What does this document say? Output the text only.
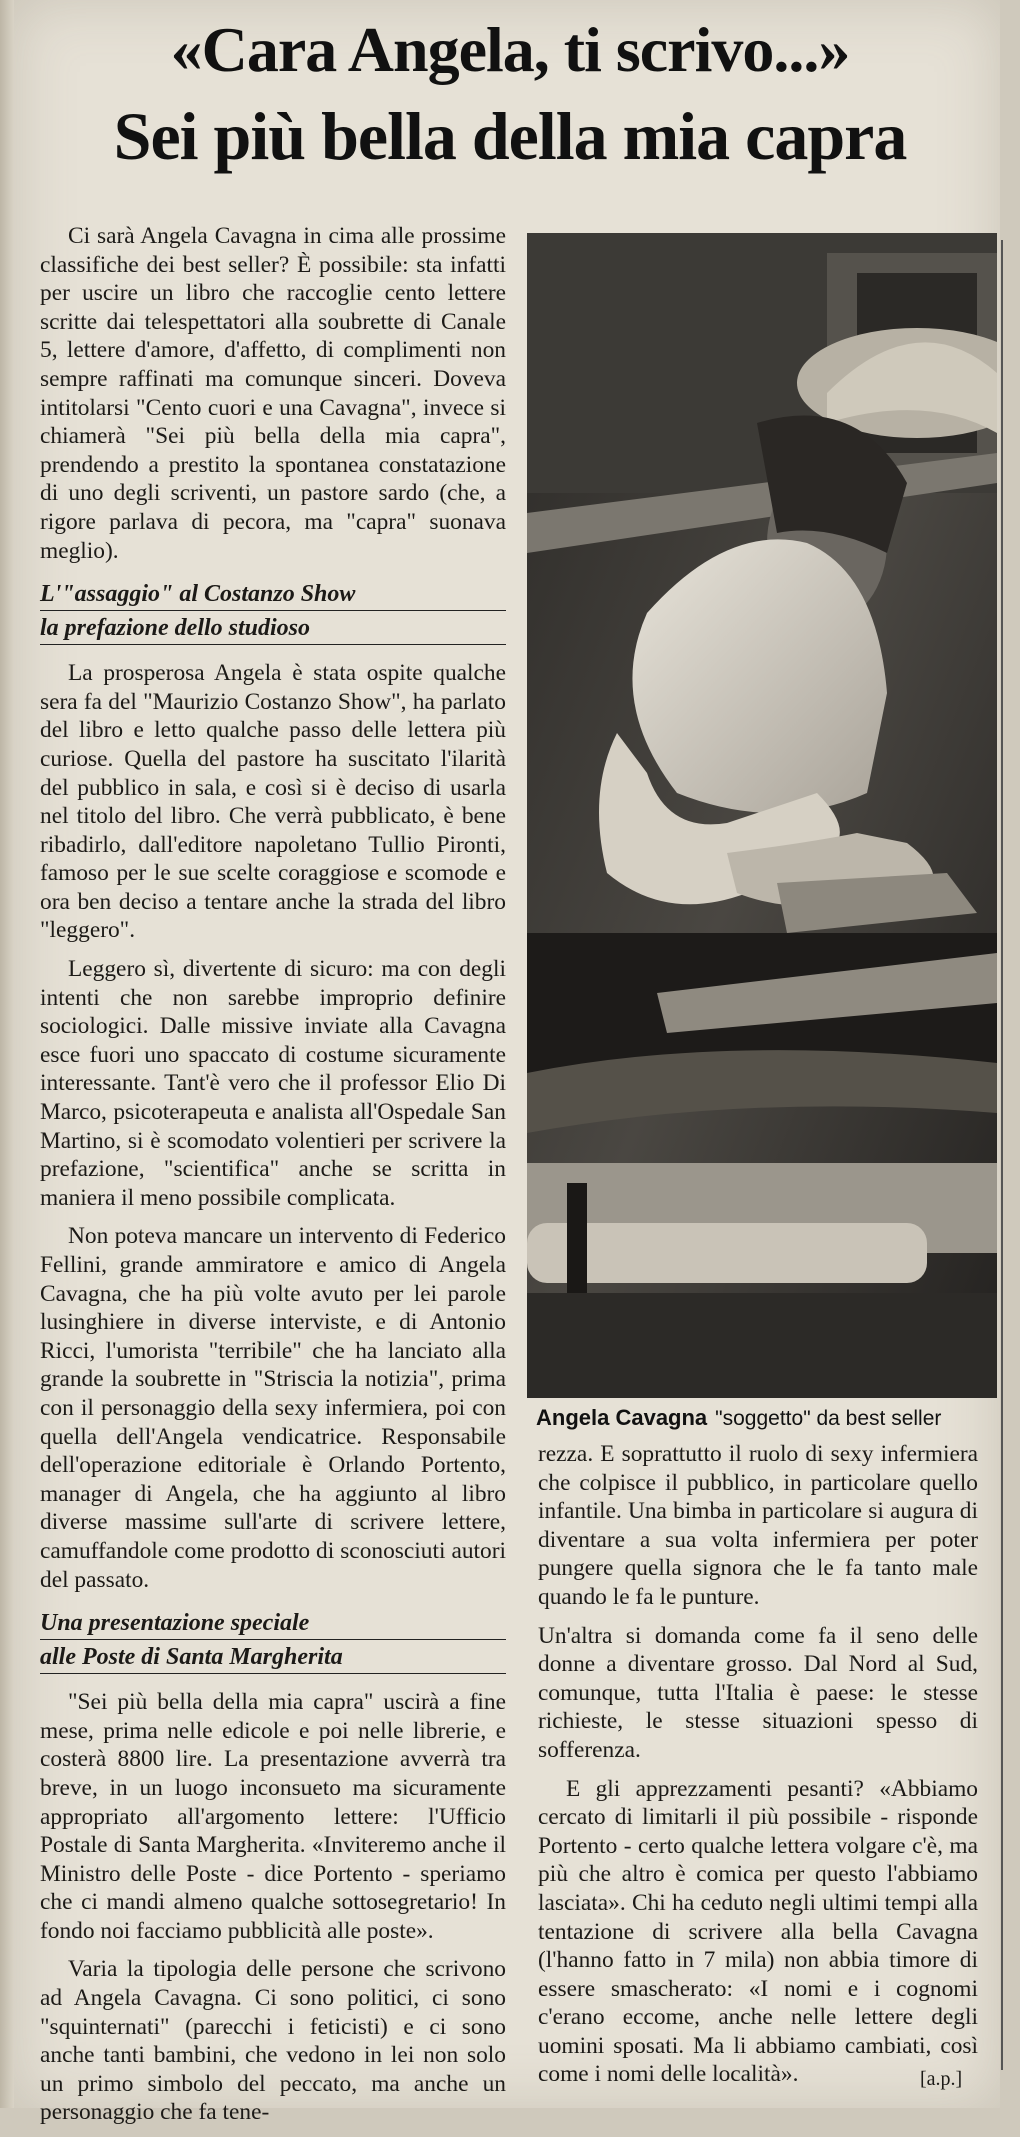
«Cara Angela, ti scrivo...»
Sei più bella della mia capra

Ci sarà Angela Cavagna in cima alle prossime classifiche dei best seller? È possibile: sta infatti per uscire un libro che raccoglie cento lettere scritte dai telespettatori alla soubrette di Canale 5, lettere d'amore, d'affetto, di complimenti non sempre raffinati ma comunque sinceri. Doveva intitolarsi "Cento cuori e una Cavagna", invece si chiamerà "Sei più bella della mia capra", prendendo a prestito la spontanea constatazione di uno degli scriventi, un pastore sardo (che, a rigore parlava di pecora, ma "capra" suonava meglio).

L'"assaggio" al Costanzo Show
la prefazione dello studioso

La prosperosa Angela è stata ospite qualche sera fa del "Maurizio Costanzo Show", ha parlato del libro e letto qualche passo delle lettera più curiose. Quella del pastore ha suscitato l'ilarità del pubblico in sala, e così si è deciso di usarla nel titolo del libro. Che verrà pubblicato, è bene ribadirlo, dall'editore napoletano Tullio Pironti, famoso per le sue scelte coraggiose e scomode e ora ben deciso a tentare anche la strada del libro "leggero".

Leggero sì, divertente di sicuro: ma con degli intenti che non sarebbe improprio definire sociologici. Dalle missive inviate alla Cavagna esce fuori uno spaccato di costume sicuramente interessante. Tant'è vero che il professor Elio Di Marco, psicoterapeuta e analista all'Ospedale San Martino, si è scomodato volentieri per scrivere la prefazione, "scientifica" anche se scritta in maniera il meno possibile complicata.

Non poteva mancare un intervento di Federico Fellini, grande ammiratore e amico di Angela Cavagna, che ha più volte avuto per lei parole lusinghiere in diverse interviste, e di Antonio Ricci, l'umorista "terribile" che ha lanciato alla grande la soubrette in "Striscia la notizia", prima con il personaggio della sexy infermiera, poi con quella dell'Angela vendicatrice. Responsabile dell'operazione editoriale è Orlando Portento, manager di Angela, che ha aggiunto al libro diverse massime sull'arte di scrivere lettere, camuffandole come prodotto di sconosciuti autori del passato.

Una presentazione speciale
alle Poste di Santa Margherita

"Sei più bella della mia capra" uscirà a fine mese, prima nelle edicole e poi nelle librerie, e costerà 8800 lire. La presentazione avverrà tra breve, in un luogo inconsueto ma sicuramente appropriato all'argomento lettere: l'Ufficio Postale di Santa Margherita. «Inviteremo anche il Ministro delle Poste - dice Portento - speriamo che ci mandi almeno qualche sottosegretario! In fondo noi facciamo pubblicità alle poste».

Varia la tipologia delle persone che scrivono ad Angela Cavagna. Ci sono politici, ci sono "squinternati" (parecchi i feticisti) e ci sono anche tanti bambini, che vedono in lei non solo un primo simbolo del peccato, ma anche un personaggio che fa tene-

Angela Cavagna "soggetto" da best seller

rezza. E soprattutto il ruolo di sexy infermiera che colpisce il pubblico, in particolare quello infantile. Una bimba in particolare si augura di diventare a sua volta infermiera per poter pungere quella signora che le fa tanto male quando le fa le punture.

Un'altra si domanda come fa il seno delle donne a diventare grosso. Dal Nord al Sud, comunque, tutta l'Italia è paese: le stesse richieste, le stesse situazioni spesso di sofferenza.

E gli apprezzamenti pesanti? «Abbiamo cercato di limitarli il più possibile - risponde Portento - certo qualche lettera volgare c'è, ma più che altro è comica per questo l'abbiamo lasciata». Chi ha ceduto negli ultimi tempi alla tentazione di scrivere alla bella Cavagna (l'hanno fatto in 7 mila) non abbia timore di essere smascherato: «I nomi e i cognomi c'erano eccome, anche nelle lettere degli uomini sposati. Ma li abbiamo cambiati, così come i nomi delle località».	[a.p.]
